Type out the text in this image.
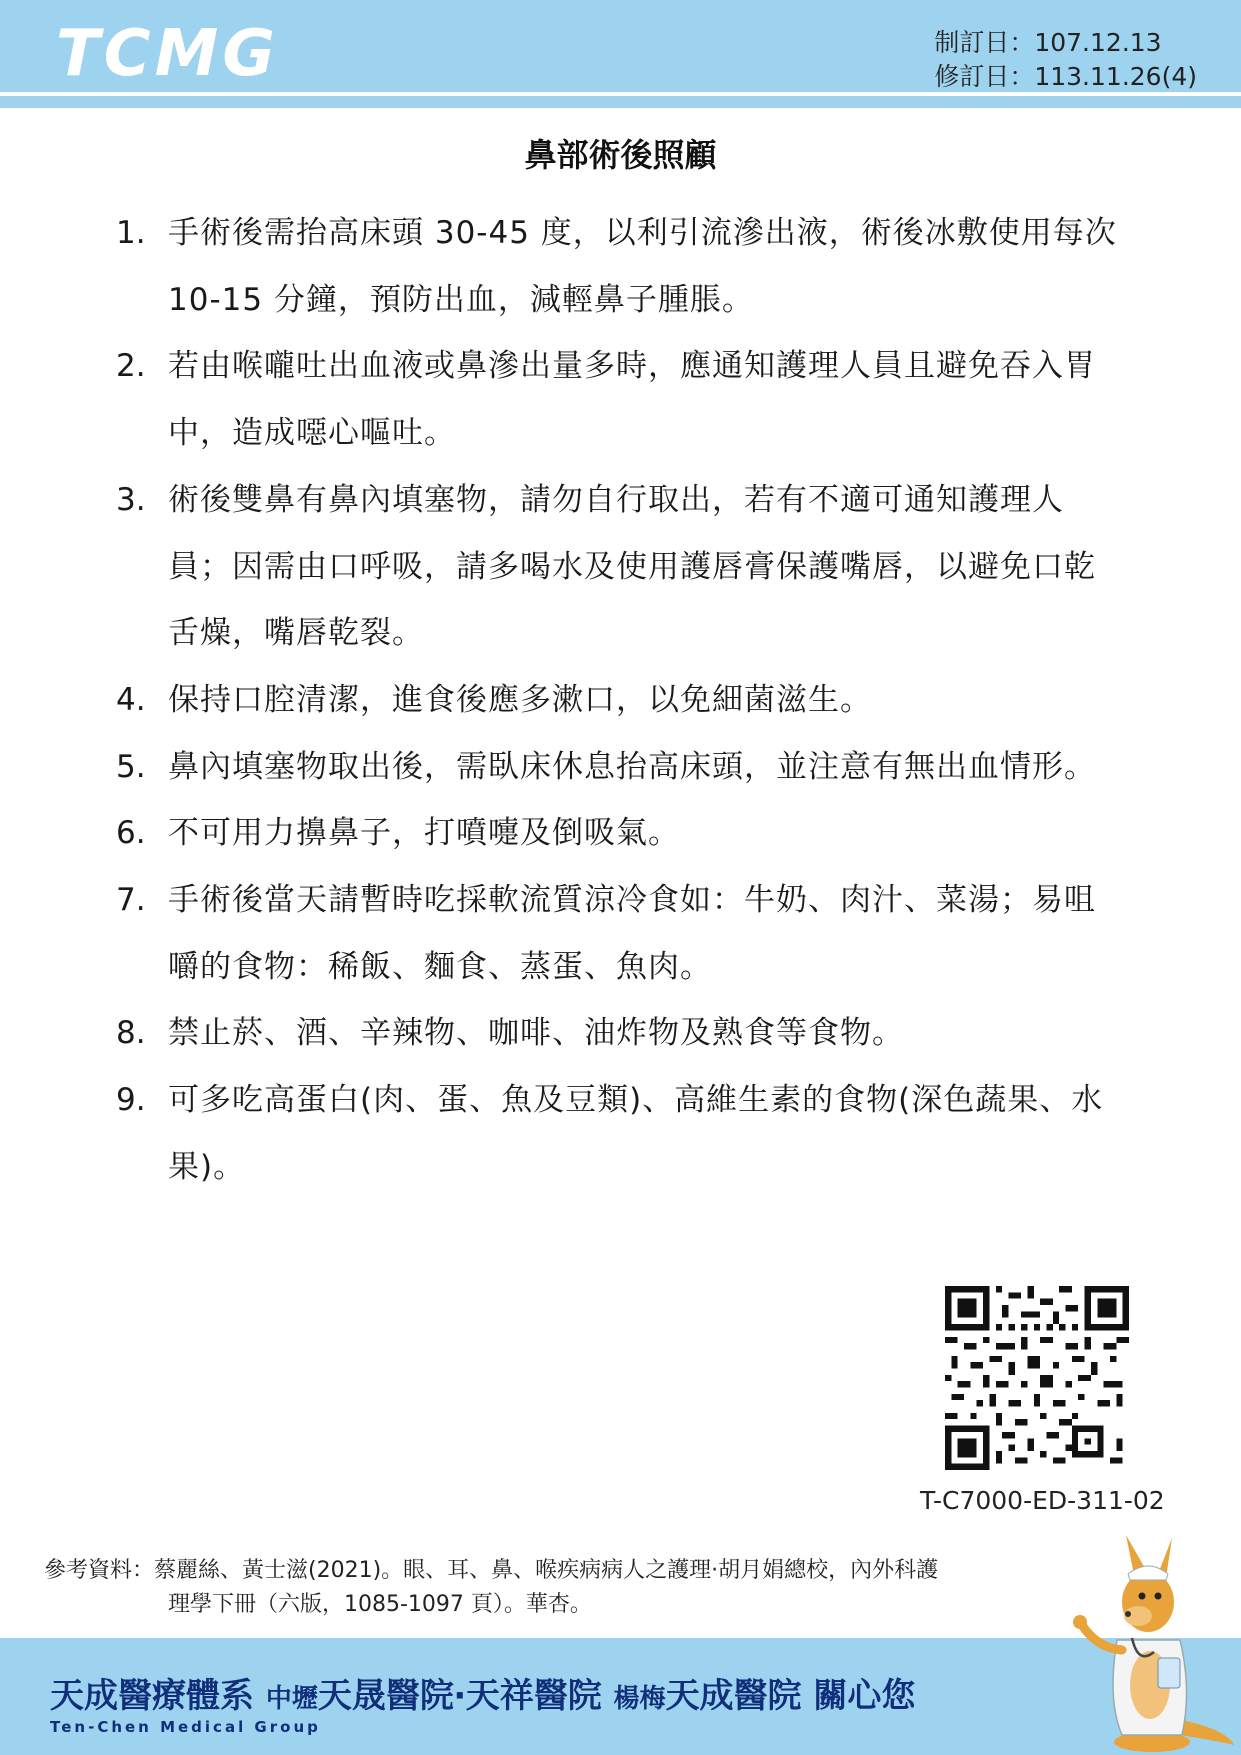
TCMG	制訂日：107.12.13
修訂日：113.11.26(4)
鼻部術後照顧
1. 手術後需抬高床頭 30-45 度，以利引流滲出液，術後冰敷使用每次 10-15 分鐘，預防出血，減輕鼻子腫脹。
2. 若由喉嚨吐出血液或鼻滲出量多時，應通知護理人員且避免吞入胃中，造成噁心嘔吐。
3. 術後雙鼻有鼻內填塞物，請勿自行取出，若有不適可通知護理人員；因需由口呼吸，請多喝水及使用護唇膏保護嘴唇，以避免口乾舌燥，嘴唇乾裂。
4. 保持口腔清潔，進食後應多漱口，以免細菌滋生。
5. 鼻內填塞物取出後，需臥床休息抬高床頭，並注意有無出血情形。
6. 不可用力擤鼻子，打噴嚏及倒吸氣。
7. 手術後當天請暫時吃採軟流質涼冷食如：牛奶、肉汁、菜湯；易咀嚼的食物：稀飯、麵食、蒸蛋、魚肉。
8. 禁止菸、酒、辛辣物、咖啡、油炸物及熟食等食物。
9. 可多吃高蛋白(肉、蛋、魚及豆類)、高維生素的食物(深色蔬果、水果)。
T-C7000-ED-311-02
參考資料：蔡麗絲、黃士滋(2021)。眼、耳、鼻、喉疾病病人之護理·胡月娟總校，內外科護
理學下冊（六版，1085-1097 頁）。華杏。
天成醫療體系 中壢天晟醫院‧天祥醫院 楊梅天成醫院 關心您
Ten-Chen Medical Group
